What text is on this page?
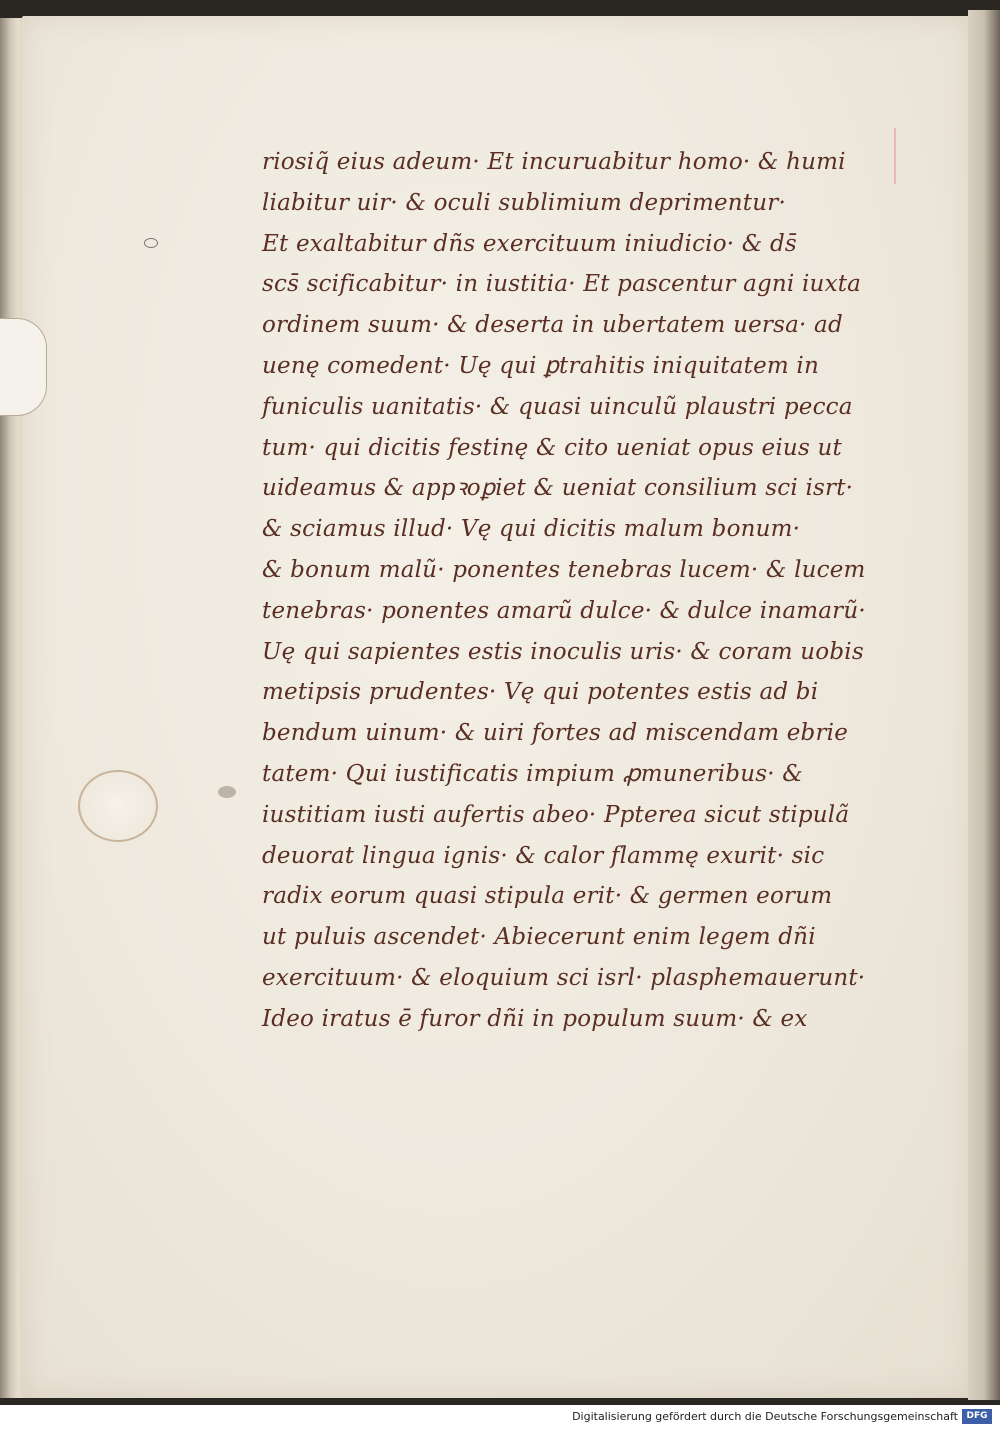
riosiq̃ eius adeum· Et incuruabitur homo· & humi
liabitur uir· & oculi sublimium deprimentur·
Et exaltabitur dñs exercituum iniudicio· & ds̄
scs̄ scificabitur· in iustitia· Et pascentur agni iuxta
ordinem suum· & deserta in ubertatem uersa· ad
uenę comedent· Uę qui ꝑtrahitis iniquitatem in
funiculis uanitatis· & quasi uinculũ plaustri pecca
tum· qui dicitis festinę & cito ueniat opus eius ut
uideamus & appꝛoꝑiet & ueniat consilium sci isrt·
& sciamus illud· Vę qui dicitis malum bonum·
& bonum malũ· ponentes tenebras lucem· & lucem
tenebras· ponentes amarũ dulce· & dulce inamarũ·
Uę qui sapientes estis inoculis uris· & coram uobis
metipsis prudentes· Vę qui potentes estis ad bi
bendum uinum· & uiri fortes ad miscendam ebrie
tatem· Qui iustificatis impium ꝓmuneribus· &
iustitiam iusti aufertis abeo· Ppterea sicut stipulã
deuorat lingua ignis· & calor flammę exurit· sic
radix eorum quasi stipula erit· & germen eorum
ut puluis ascendet· Abiecerunt enim legem dñi
exercituum· & eloquium sci isrl· plasphemauerunt·
Ideo iratus ē furor dñi in populum suum· & ex
Digitalisierung gefördert durch die Deutsche Forschungsgemeinschaft DFG
